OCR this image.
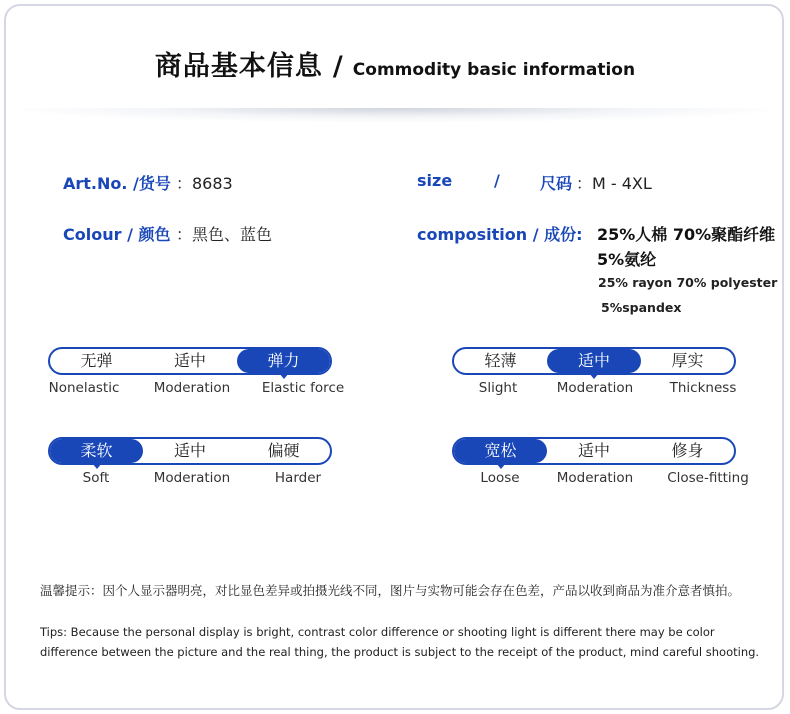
商品基本信息 / Commodity basic information
Art.No. /货号 ：8683	size	/	尺码 ：M - 4XL
Colour / 颜色 ：黑色、蓝色	composition / 成份: 25%人棉 70%聚酯纤维
5%氨纶
25% rayon 70% polyester
5%spandex
无弹	适中	弹力
Nonelastic	Moderation Elastic force
轻薄	适中	厚实
Slight	Moderation	Thickness
柔软	适中	偏硬
Soft	Moderation	Harder
宽松	适中	修身
Loose	Moderation	Close-fitting
温馨提示：因个人显示器明亮，对比显色差异或拍摄光线不同，图片与实物可能会存在色差，产品以收到商品为准介意者慎拍。
Tips: Because the personal display is bright, contrast color difference or shooting light is different there may be color difference between the picture and the real thing, the product is subject to the receipt of the product, mind careful shooting.
